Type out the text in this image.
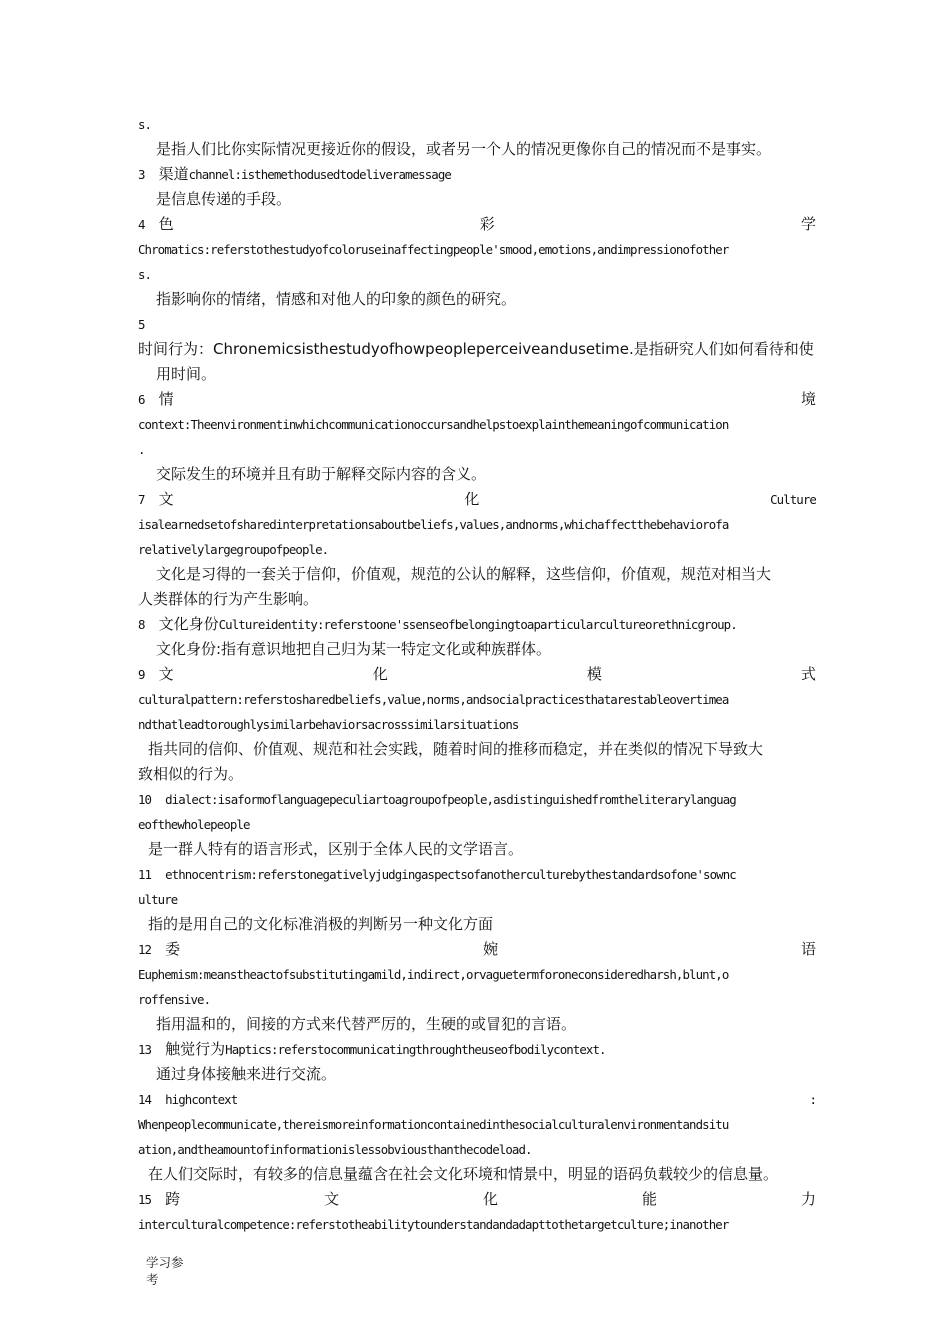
s.
是指人们比你实际情况更接近你的假设，或者另一个人的情况更像你自己的情况而不是事实。
3 渠道channel:isthemethodusedtodeliveramessage
是信息传递的手段。
4 色	彩	学
Chromatics:referstothestudyofcoloruseinaffectingpeople'smood,emotions,andimpressionofother
s.
指影响你的情绪，情感和对他人的印象的颜色的研究。
5时间行为：Chronemicsisthestudyofhowpeopleperceiveandusetime.是指研究人们如何看待和使
用时间。
6 情	境
context:Theenvironmentinwhichcommunicationoccursandhelpstoexplainthemeaningofcommunication
.
交际发生的环境并且有助于解释交际内容的含义。
7 文	化	Culture
isalearnedsetofsharedinterpretationsaboutbeliefs,values,andnorms,whichaffectthebehaviorofa
relativelylargegroupofpeople.
文化是习得的一套关于信仰，价值观，规范的公认的解释，这些信仰，价值观，规范对相当大
人类群体的行为产生影响。
8 文化身份Cultureidentity:referstoone'ssenseofbelongingtoaparticularcultureorethnicgroup.
文化身份:指有意识地把自己归为某一特定文化或种族群体。
9 文	化	模	式
culturalpattern:referstosharedbeliefs,value,norms,andsocialpracticesthatarestableovertimea
ndthatleadtoroughlysimilarbehaviorsacrosssimilarsituations
指共同的信仰、价值观、规范和社会实践，随着时间的推移而稳定，并在类似的情况下导致大
致相似的行为。
10 dialect:isaformoflanguagepeculiartoagroupofpeople,asdistinguishedfromtheliterarylanguag
eofthewholepeople
是一群人特有的语言形式，区别于全体人民的文学语言。
11 ethnocentrism:referstonegativelyjudgingaspectsofanotherculturebythestandardsofone'sownc
ulture
指的是用自己的文化标准消极的判断另一种文化方面
12 委	婉	语
Euphemism:meanstheactofsubstitutingamild,indirect,orvaguetermforoneconsideredharsh,blunt,o
roffensive.
指用温和的，间接的方式来代替严厉的，生硬的或冒犯的言语。
13 触觉行为Haptics:referstocommunicatingthroughtheuseofbodilycontext.
通过身体接触来进行交流。
14 highcontext	:
Whenpeoplecommunicate,thereismoreinformationcontainedinthesocialculturalenvironmentandsitu
ation,andtheamountofinformationislessobviousthanthecodeload.
在人们交际时，有较多的信息量蕴含在社会文化环境和情景中，明显的语码负载较少的信息量。
15 跨	文	化	能	力
interculturalcompetence:referstotheabilitytounderstandandadapttothetargetculture;inanother
学习参
考
